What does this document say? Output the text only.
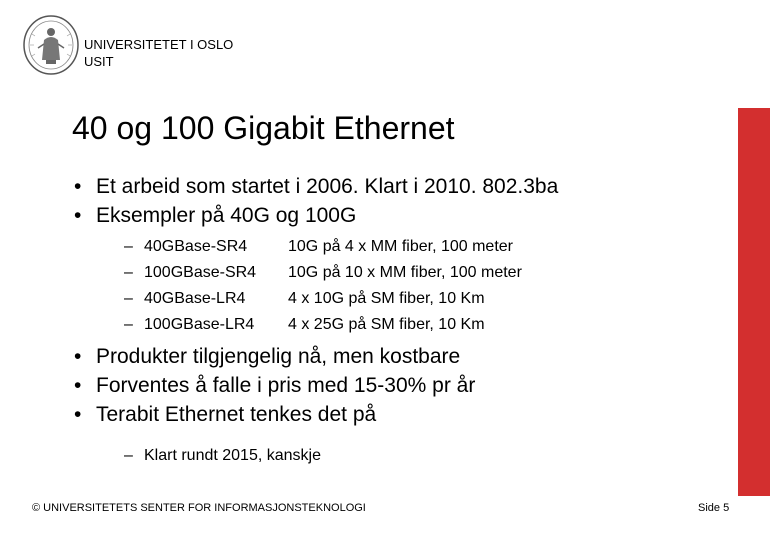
UNIVERSITETET I OSLO
USIT
40 og 100 Gigabit Ethernet
• Et arbeid som startet i 2006. Klart i 2010. 802.3ba
• Eksempler på 40G og 100G
– 40GBase-SR4	10G på 4 x MM fiber, 100 meter
– 100GBase-SR4 10G på 10 x MM fiber, 100 meter
– 40GBase-LR4	4 x 10G på SM fiber, 10 Km
– 100GBase-LR4 4 x 25G på SM fiber, 10 Km
• Produkter tilgjengelig nå, men kostbare
• Forventes å falle i pris med 15-30% pr år
• Terabit Ethernet tenkes det på
– Klart rundt 2015, kanskje
© UNIVERSITETETS SENTER FOR INFORMASJONSTEKNOLOGI	Side 5
